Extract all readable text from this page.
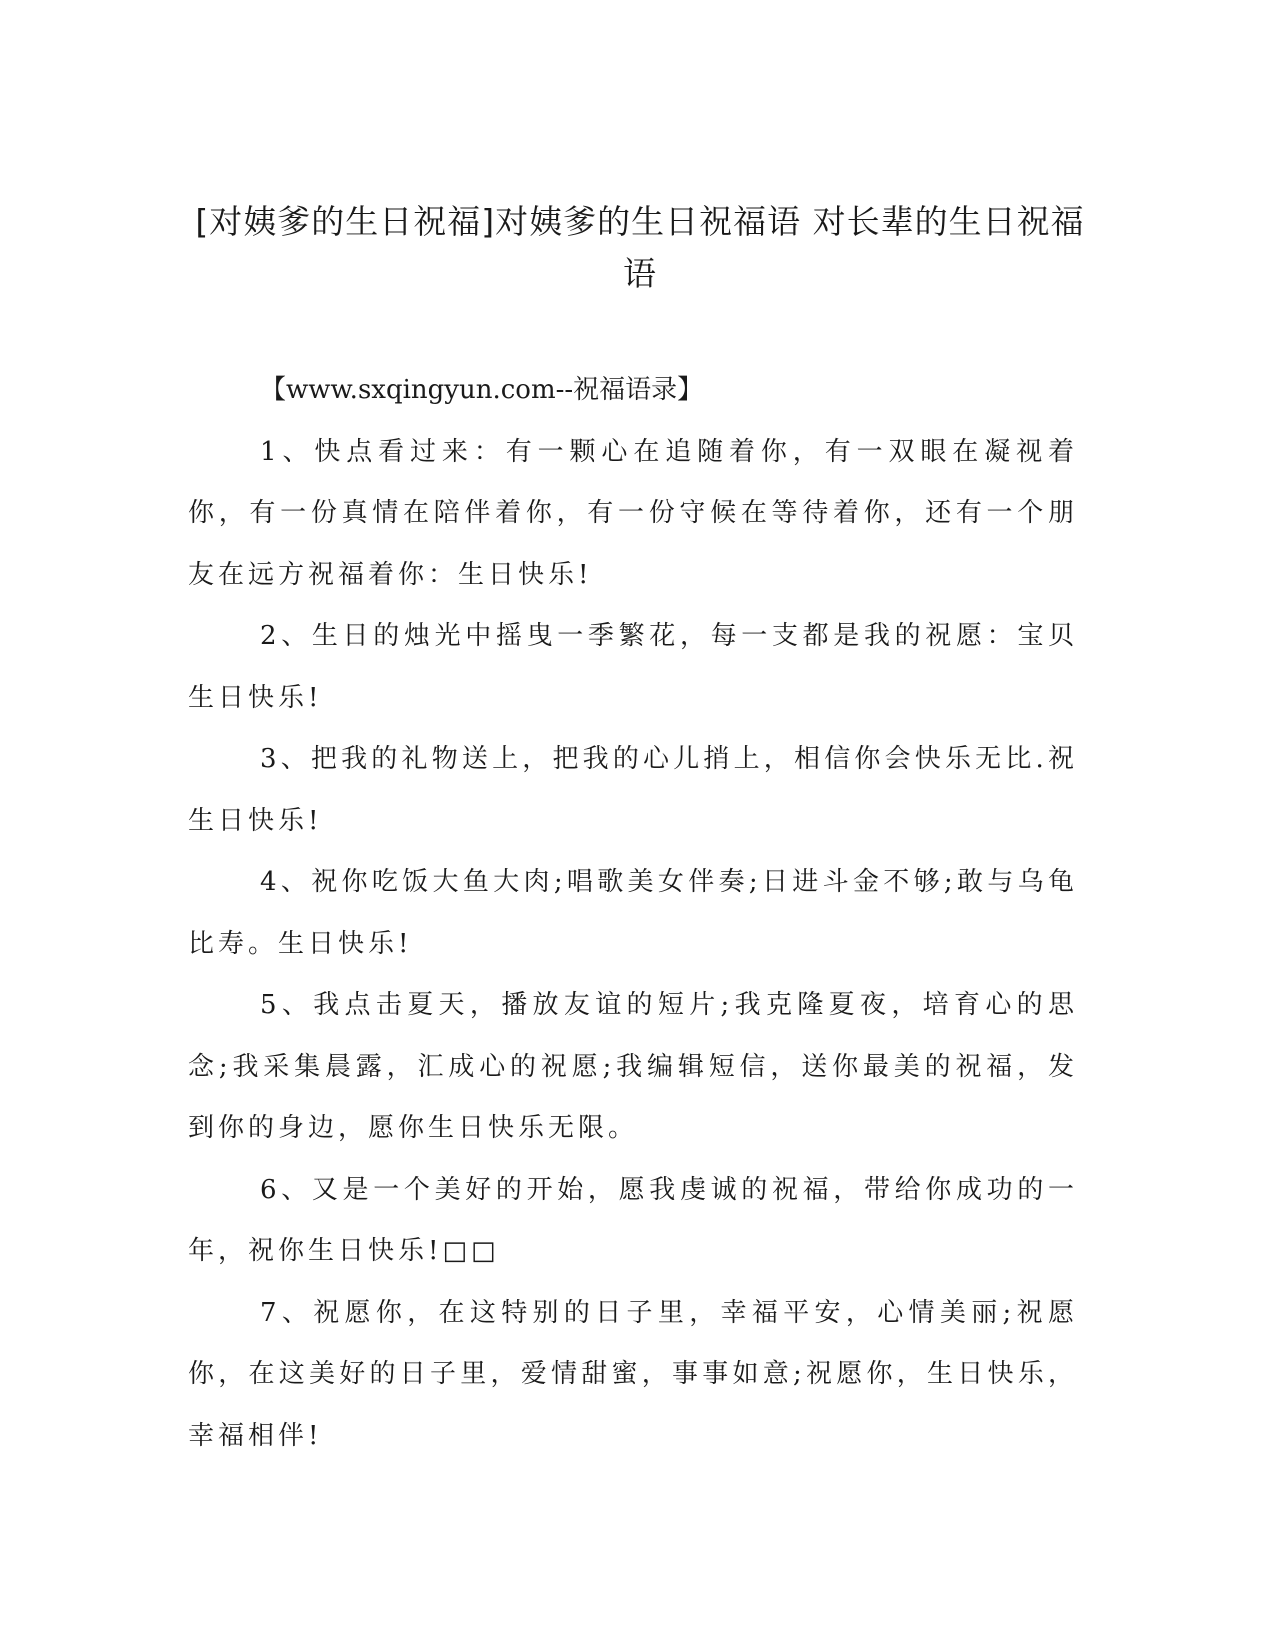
[对姨爹的生日祝福]对姨爹的生日祝福语 对长辈的生日祝福语

【www.sxqingyun.com--祝福语录】

1、快点看过来：有一颗心在追随着你，有一双眼在凝视着你，有一份真情在陪伴着你，有一份守候在等待着你，还有一个朋友在远方祝福着你：生日快乐!

2、生日的烛光中摇曳一季繁花，每一支都是我的祝愿：宝贝生日快乐!

3、把我的礼物送上，把我的心儿捎上，相信你会快乐无比.祝生日快乐!

4、祝你吃饭大鱼大肉;唱歌美女伴奏;日进斗金不够;敢与乌龟比寿。生日快乐!

5、我点击夏天，播放友谊的短片;我克隆夏夜，培育心的思念;我采集晨露，汇成心的祝愿;我编辑短信，送你最美的祝福，发到你的身边，愿你生日快乐无限。

6、又是一个美好的开始，愿我虔诚的祝福，带给你成功的一年，祝你生日快乐!□□

7、祝愿你，在这特别的日子里，幸福平安，心情美丽;祝愿你，在这美好的日子里，爱情甜蜜，事事如意;祝愿你，生日快乐，幸福相伴!
